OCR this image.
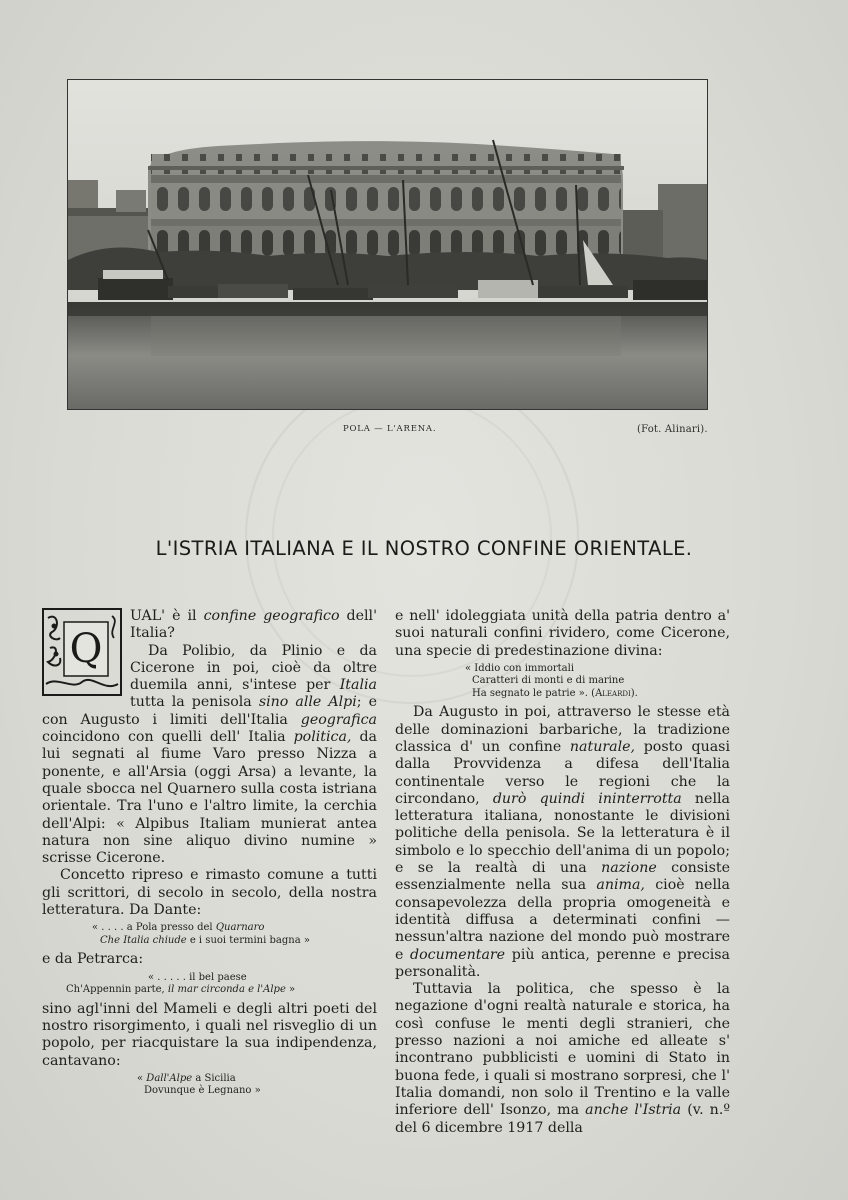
POLA — L'ARENA.	(Fot. Alinari).
L'ISTRIA ITALIANA E IL NOSTRO CONFINE ORIENTALE.
Q

UAL' è il confine geografico dell' Italia?

Da Polibio, da Plinio e da Cicerone in poi, cioè da oltre duemila anni, s'intese per Italia tutta la penisola sino alle Alpi; e con Augusto i limiti dell'Italia geografica coincidono con quelli dell' Italia politica, da lui segnati al fiume Varo presso Nizza a ponente, e all'Arsia (oggi Arsa) a levante, la quale sbocca nel Quarnero sulla costa istriana orientale. Tra l'uno e l'altro limite, la cerchia dell'Alpi: « Alpibus Italiam munierat antea natura non sine aliquo divino numine » scrisse Cicerone.

Concetto ripreso e rimasto comune a tutti gli scrittori, di secolo in secolo, della nostra letteratura. Da Dante:

« . . . . a Pola presso del Quarnaro
Che Italia chiude e i suoi termini bagna »

e da Petrarca:

« . . . . . il bel paese
Ch'Appennin parte, il mar circonda e l'Alpe »

sino agl'inni del Mameli e degli altri poeti del nostro risorgimento, i quali nel risveglio di un popolo, per riacquistare la sua indipendenza, cantavano:

« Dall'Alpe a Sicilia
Dovunque è Legnano »

e nell' idoleggiata unità della patria dentro a' suoi naturali confini rividero, come Cicerone, una specie di predestinazione divina:

« Iddio con immortali
Caratteri di monti e di marine
Ha segnato le patrie ». (Aleardi).

Da Augusto in poi, attraverso le stesse età delle dominazioni barbariche, la tradizione classica d' un confine naturale, posto quasi dalla Provvidenza a difesa dell'Italia continentale verso le regioni che la circondano, durò quindi ininterrotta nella letteratura italiana, nonostante le divisioni politiche della penisola. Se la letteratura è il simbolo e lo specchio dell'anima di un popolo; e se la realtà di una nazione consiste essenzialmente nella sua anima, cioè nella consapevolezza della propria omogeneità e identità diffusa a determinati confini — nessun'altra nazione del mondo può mostrare e documentare più antica, perenne e precisa personalità.

Tuttavia la politica, che spesso è la negazione d'ogni realtà naturale e storica, ha così confuse le menti degli stranieri, che presso nazioni a noi amiche ed alleate s' incontrano pubblicisti e uomini di Stato in buona fede, i quali si mostrano sorpresi, che l' Italia domandi, non solo il Trentino e la valle inferiore dell' Isonzo, ma anche l'Istria (v. n.º del 6 dicembre 1917 della
